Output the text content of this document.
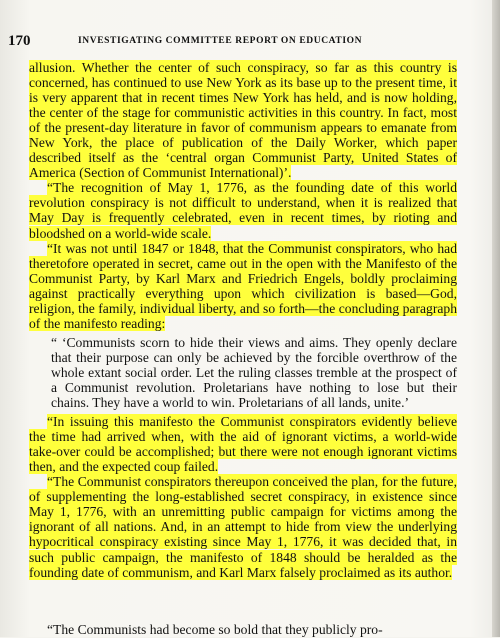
170	INVESTIGATING COMMITTEE REPORT ON EDUCATION

allusion. Whether the center of such conspiracy, so far as this country is concerned, has continued to use New York as its base up to the present time, it is very apparent that in recent times New York has held, and is now holding, the center of the stage for communistic activities in this country. In fact, most of the present-day literature in favor of communism appears to emanate from New York, the place of publication of the Daily Worker, which paper described itself as the ‘central organ Communist Party, United States of America (Section of Communist International)’.

“The recognition of May 1, 1776, as the founding date of this world revolution conspiracy is not difficult to understand, when it is realized that May Day is frequently celebrated, even in recent times, by rioting and bloodshed on a world-wide scale.

“It was not until 1847 or 1848, that the Communist conspirators, who had theretofore operated in secret, came out in the open with the Manifesto of the Communist Party, by Karl Marx and Friedrich Engels, boldly proclaiming against practically everything upon which civilization is based—God, religion, the family, individual liberty, and so forth—the concluding paragraph of the manifesto reading:

“ ‘Communists scorn to hide their views and aims. They openly declare that their purpose can only be achieved by the forcible overthrow of the whole extant social order. Let the ruling classes tremble at the prospect of a Communist revolution. Proletarians have nothing to lose but their chains. They have a world to win. Proletarians of all lands, unite.’

“In issuing this manifesto the Communist conspirators evidently believe the time had arrived when, with the aid of ignorant victims, a world-wide take-over could be accomplished; but there were not enough ignorant victims then, and the expected coup failed.

“The Communist conspirators thereupon conceived the plan, for the future, of supplementing the long-established secret conspiracy, in existence since May 1, 1776, with an unremitting public campaign for victims among the ignorant of all nations. And, in an attempt to hide from view the underlying hypocritical conspiracy existing since May 1, 1776, it was decided that, in such public campaign, the manifesto of 1848 should be heralded as the founding date of communism, and Karl Marx falsely proclaimed as its author.

“The Communists had become so bold that they publicly pro-
